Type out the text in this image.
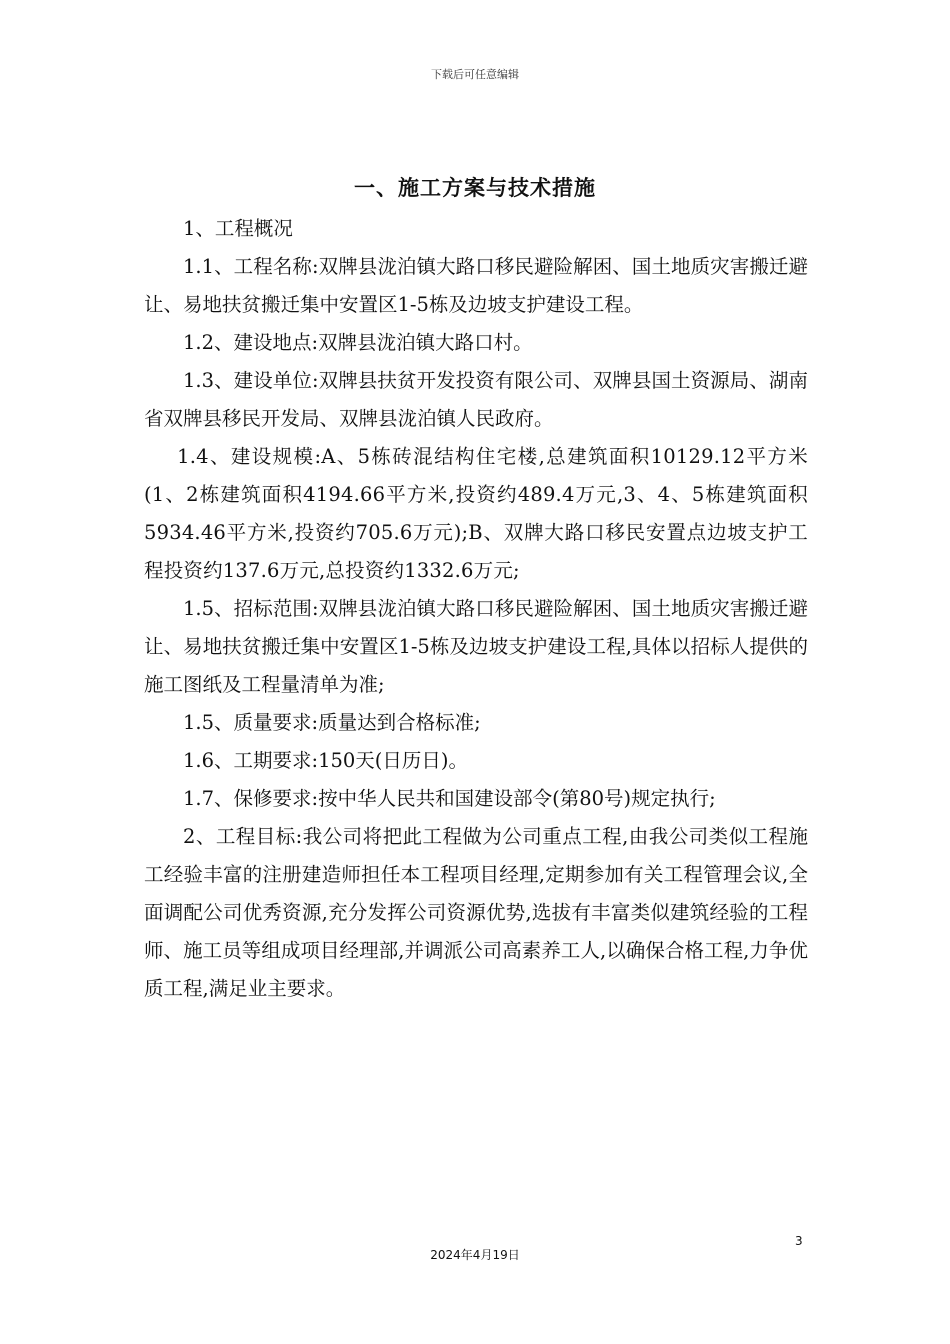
下载后可任意编辑
一、施工方案与技术措施

1、工程概况

1.1、工程名称:双牌县泷泊镇大路口移民避险解困、国土地质灾害搬迁避让、易地扶贫搬迁集中安置区1-5栋及边坡支护建设工程。

1.2、建设地点:双牌县泷泊镇大路口村。

1.3、建设单位:双牌县扶贫开发投资有限公司、双牌县国土资源局、湖南省双牌县移民开发局、双牌县泷泊镇人民政府。

1.4、建设规模:A、5栋砖混结构住宅楼,总建筑面积10129.12平方米(1、2栋建筑面积4194.66平方米,投资约489.4万元,3、4、5栋建筑面积5934.46平方米,投资约705.6万元);B、双牌大路口移民安置点边坡支护工程投资约137.6万元,总投资约1332.6万元;

1.5、招标范围:双牌县泷泊镇大路口移民避险解困、国土地质灾害搬迁避让、易地扶贫搬迁集中安置区1-5栋及边坡支护建设工程,具体以招标人提供的施工图纸及工程量清单为准;

1.5、质量要求:质量达到合格标准;

1.6、工期要求:150天(日历日)。

1.7、保修要求:按中华人民共和国建设部令(第80号)规定执行;

2、工程目标:我公司将把此工程做为公司重点工程,由我公司类似工程施工经验丰富的注册建造师担任本工程项目经理,定期参加有关工程管理会议,全面调配公司优秀资源,充分发挥公司资源优势,选拔有丰富类似建筑经验的工程师、施工员等组成项目经理部,并调派公司高素养工人,以确保合格工程,力争优质工程,满足业主要求。

3
2024年4月19日
